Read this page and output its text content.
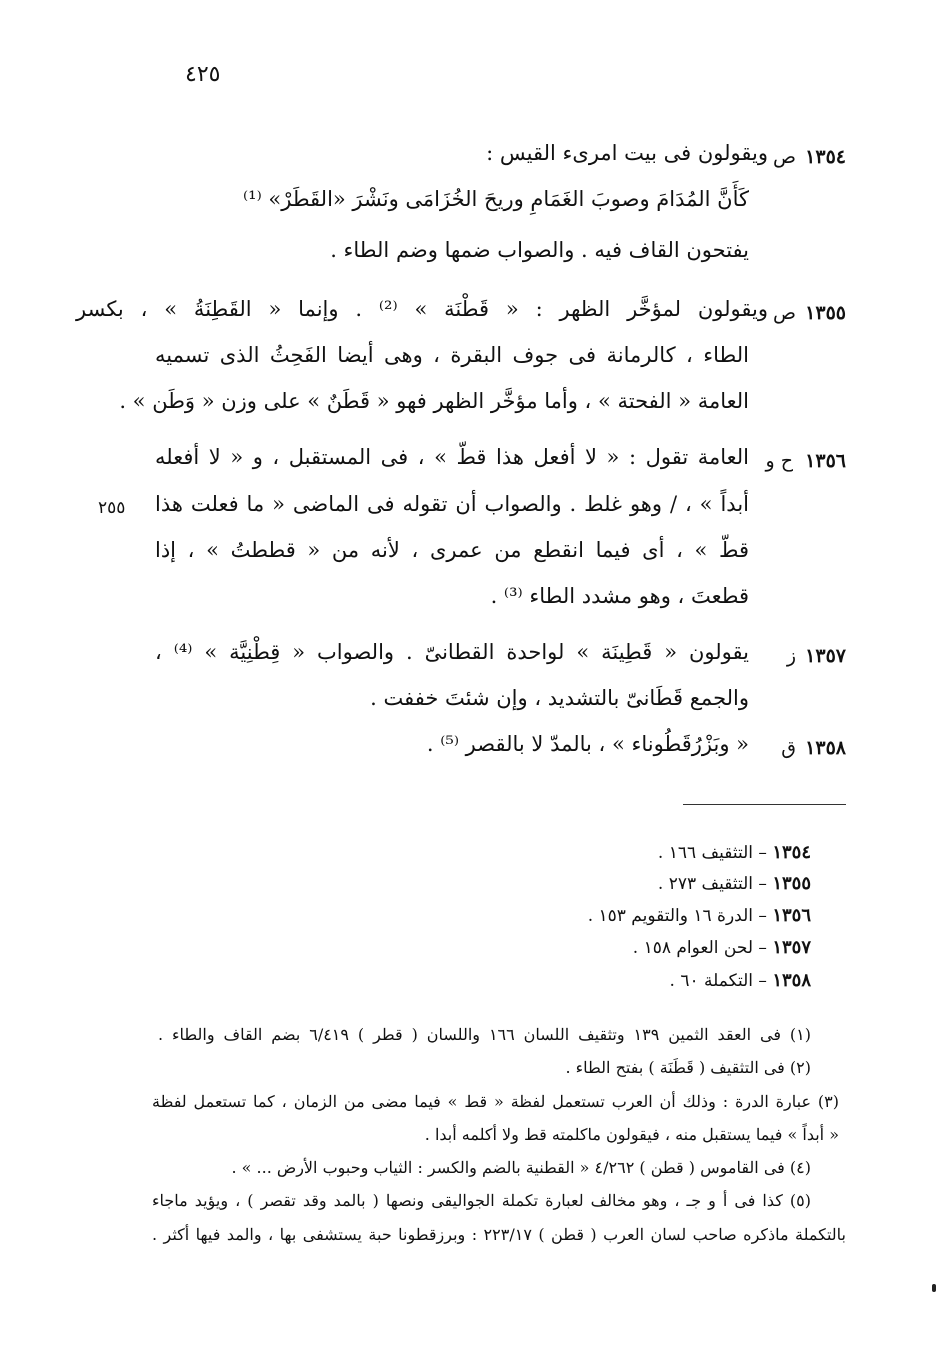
٤٢٥
٢٥٥
١٣٥٤
ص
ويقولون فى بيت امرىء القيس :
كَأَنَّ المُدَامَ وصوبَ الغَمَامِ وريحَ الخُزَامَى ونَشْرَ «القَطَرْ» ⁽¹⁾
يفتحون القاف فيه . والصواب ضمها وضم الطاء .
١٣٥٥
ص
ويقولون لمؤخَّر الظهر : « قَطْنَة » ⁽²⁾ . وإنما « القَطِنَةُ » ، بكسر
الطاء ، كالرمانة فى جوف البقرة ، وهى أيضا الفَحِثُ الذى تسميه
العامة « الفحتة » ، وأما مؤخَّر الظهر فهو « قَطَنٌ » على وزن « وَطَن » .
١٣٥٦
ح و
العامة تقول : « لا أفعل هذا قطّ » ، فى المستقبل ، و « لا أفعله
أبداً » ، / وهو غلط . والصواب أن تقوله فى الماضى « ما فعلت هذا
قطّ » ، أى فيما انقطع من عمرى ، لأنه من « قططتُ » ، إذا
قطعتَ ، وهو مشدد الطاء ⁽³⁾ .
١٣٥٧
ز
يقولون « قَطِينَة » لواحدة القطانىّ . والصواب « قِطْنِيَّة » ⁽⁴⁾ ،
والجمع قَطَانىّ بالتشديد ، وإن شئتَ خففت .
١٣٥٨
ق
« وبَزْرُقَطُوناء » ، بالمدّ لا بالقصر ⁽⁵⁾ .
١٣٥٤ – التثقيف ١٦٦ .
١٣٥٥ – التثقيف ٢٧٣ .
١٣٥٦ – الدرة ١٦ والتقويم ١٥٣ .
١٣٥٧ – لحن العوام ١٥٨ .
١٣٥٨ – التكملة ٦٠ .
(١) فى العقد الثمين ١٣٩ وتثقيف اللسان ١٦٦ واللسان ( قطر ) ٦/٤١٩ بضم القاف والطاء .
(٢) فى التثقيف ( قَطَنَة ) بفتح الطاء .
(٣) عبارة الدرة : وذلك أن العرب تستعمل لفظة « قط » فيما مضى من الزمان ، كما تستعمل لفظة
« أبداً » فيما يستقبل منه ، فيقولون ماكلمته قط ولا أكلمه أبدا .
(٤) فى القاموس ( قطن ) ٤/٢٦٢ « القطنية بالضم والكسر : الثياب وحبوب الأرض ... » .
(٥) كذا فى أ و جـ ، وهو مخالف لعبارة تكملة الجواليقى ونصها ( بالمد وقد تقصر ) ، ويؤيد ماجاء
بالتكملة ماذكره صاحب لسان العرب ( قطن ) ٢٢٣/١٧ : وبرزقطونا حبة يستشفى بها ، والمد فيها أكثر .
